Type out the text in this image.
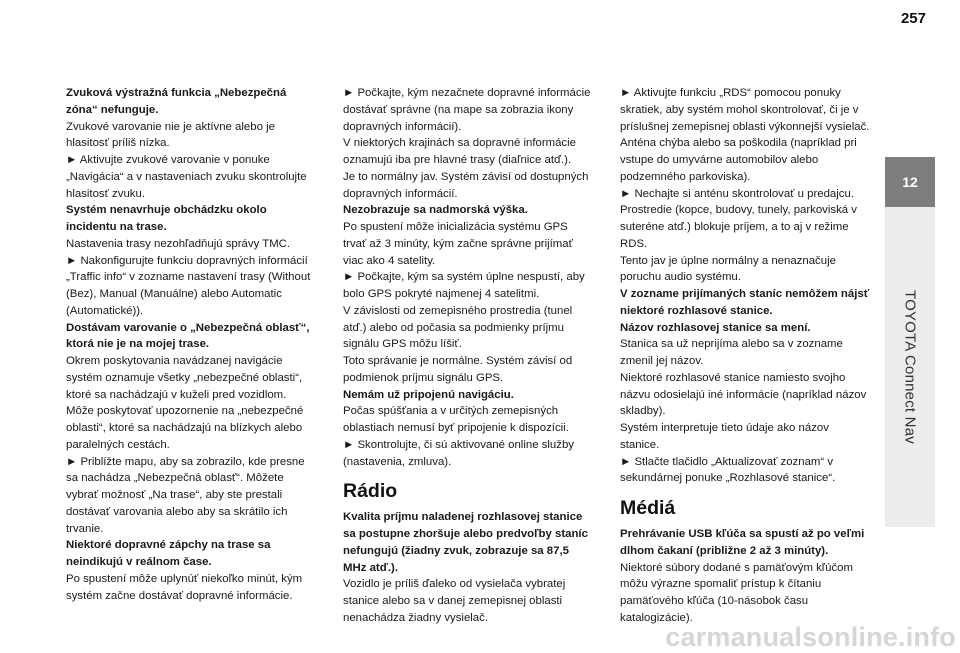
257
12
TOYOTA Connect Nav

Zvuková výstražná funkcia „Nebezpečná zóna“ nefunguje.

Zvukové varovanie nie je aktívne alebo je hlasitosť príliš nízka.

► Aktivujte zvukové varovanie v ponuke „Navigácia“ a v nastaveniach zvuku skontrolujte hlasitosť zvuku.

Systém nenavrhuje obchádzku okolo incidentu na trase.

Nastavenia trasy nezohľadňujú správy TMC.

► Nakonfigurujte funkciu dopravných informácií „Traffic info“ v zozname nastavení trasy (Without (Bez), Manual (Manuálne) alebo Automatic (Automatické)).

Dostávam varovanie o „Nebezpečná oblasť“, ktorá nie je na mojej trase.

Okrem poskytovania navádzanej navigácie systém oznamuje všetky „nebezpečné oblasti“, ktoré sa nachádzajú v kuželi pred vozidlom. Môže poskytovať upozornenie na „nebezpečné oblasti“, ktoré sa nachádzajú na blízkych alebo paralelných cestách.

► Priblížte mapu, aby sa zobrazilo, kde presne sa nachádza „Nebezpečná oblasť“. Môžete vybrať možnosť „Na trase“, aby ste prestali dostávať varovania alebo aby sa skrátilo ich trvanie.

Niektoré dopravné zápchy na trase sa neindikujú v reálnom čase.

Po spustení môže uplynúť niekoľko minút, kým systém začne dostávať dopravné informácie.

► Počkajte, kým nezačnete dopravné informácie dostávať správne (na mape sa zobrazia ikony dopravných informácií).

V niektorých krajinách sa dopravné informácie oznamujú iba pre hlavné trasy (diaľnice atď.).

Je to normálny jav. Systém závisí od dostupných dopravných informácií.

Nezobrazuje sa nadmorská výška.

Po spustení môže inicializácia systému GPS trvať až 3 minúty, kým začne správne prijímať viac ako 4 satelity.

► Počkajte, kým sa systém úplne nespustí, aby bolo GPS pokryté najmenej 4 satelitmi.

V závislosti od zemepisného prostredia (tunel atď.) alebo od počasia sa podmienky príjmu signálu GPS môžu líšiť.

Toto správanie je normálne. Systém závisí od podmienok príjmu signálu GPS.

Nemám už pripojenú navigáciu.

Počas spúšťania a v určitých zemepisných oblastiach nemusí byť pripojenie k dispozícii.

► Skontrolujte, či sú aktivované online služby (nastavenia, zmluva).

Rádio

Kvalita príjmu naladenej rozhlasovej stanice sa postupne zhoršuje alebo predvoľby staníc nefungujú (žiadny zvuk, zobrazuje sa 87,5 MHz atď.).

Vozidlo je príliš ďaleko od vysielača vybratej stanice alebo sa v danej zemepisnej oblasti nenachádza žiadny vysielač.

► Aktivujte funkciu „RDS“ pomocou ponuky skratiek, aby systém mohol skontrolovať, či je v príslušnej zemepisnej oblasti výkonnejší vysielač.

Anténa chýba alebo sa poškodila (napríklad pri vstupe do umyvárne automobilov alebo podzemného parkoviska).

► Nechajte si anténu skontrolovať u predajcu.

Prostredie (kopce, budovy, tunely, parkoviská v suteréne atď.) blokuje príjem, a to aj v režime RDS.

Tento jav je úplne normálny a nenaznačuje poruchu audio systému.

V zozname prijímaných staníc nemôžem nájsť niektoré rozhlasové stanice.

Názov rozhlasovej stanice sa mení.

Stanica sa už neprijíma alebo sa v zozname zmenil jej názov.

Niektoré rozhlasové stanice namiesto svojho názvu odosielajú iné informácie (napríklad názov skladby).

Systém interpretuje tieto údaje ako názov stanice.

► Stlačte tlačidlo „Aktualizovať zoznam“ v sekundárnej ponuke „Rozhlasové stanice“.

Médiá

Prehrávanie USB kľúča sa spustí až po veľmi dlhom čakaní (približne 2 až 3 minúty).

Niektoré súbory dodané s pamäťovým kľúčom môžu výrazne spomaliť prístup k čítaniu pamäťového kľúča (10-násobok času katalogizácie).

carmanualsonline.info
